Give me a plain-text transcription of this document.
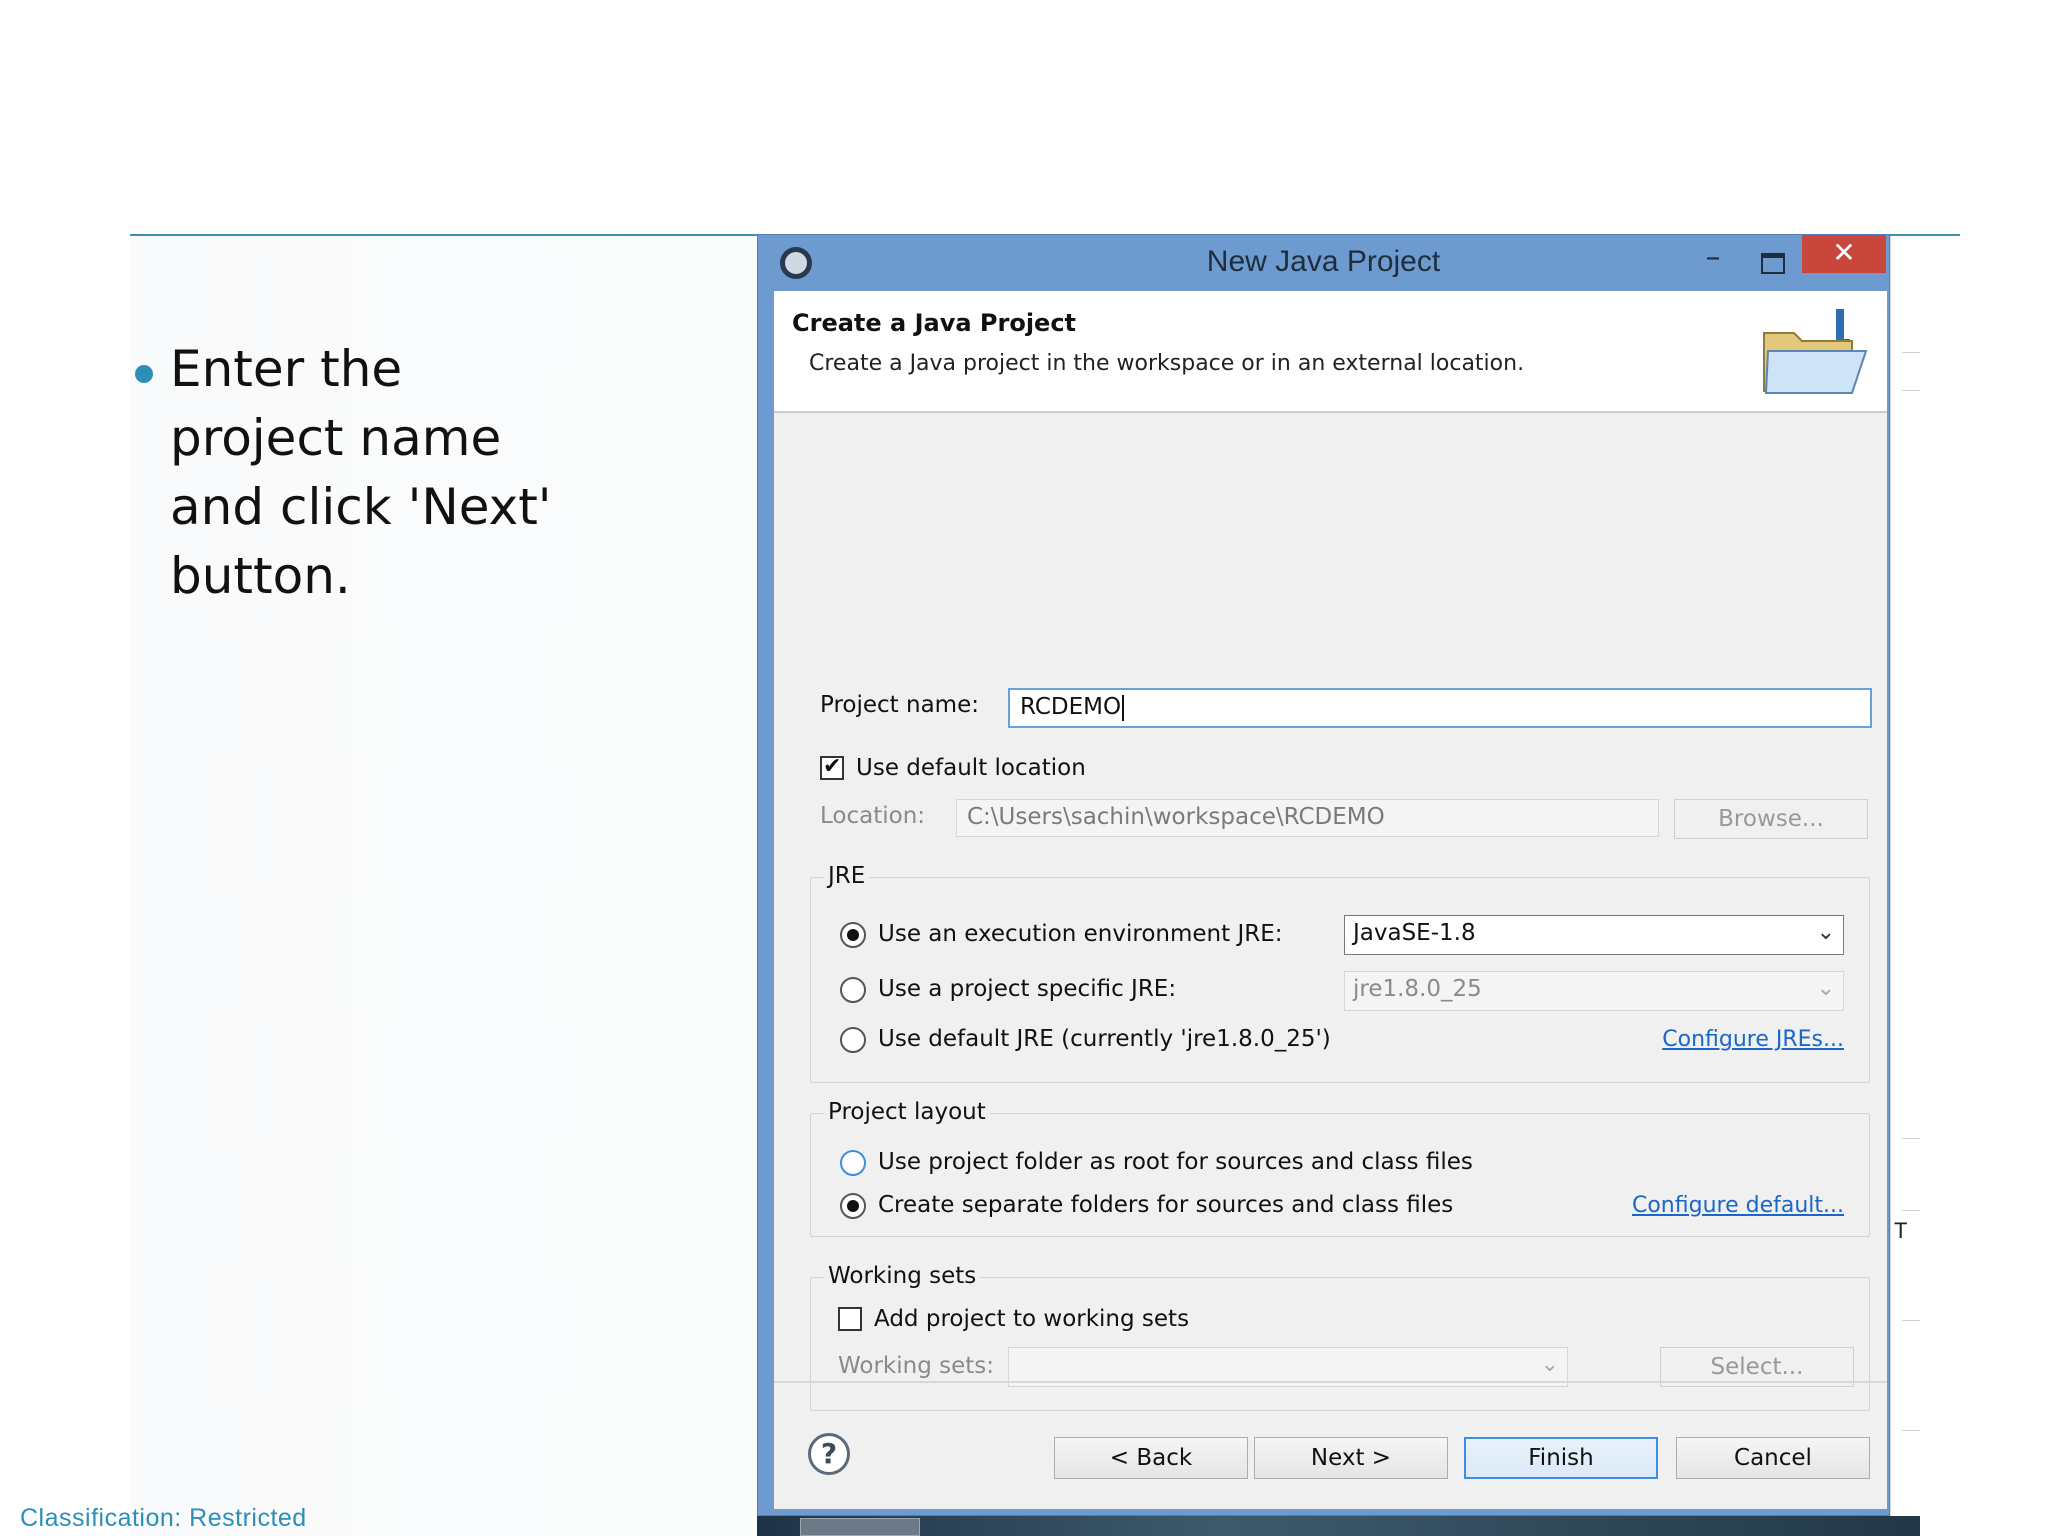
Enter the project name and click 'Next' button.
Classification: Restricted
T
New Java Project	–	✕
Create a Java Project
Create a Java project in the workspace or in an external location.
Project name:	RCDEMO
✔
Use default location
Location:	C:\Users\sachin\workspace\RCDEMO	Browse...
JRE
Use an execution environment JRE:	JavaSE-1.8	⌄
Use a project specific JRE:	jre1.8.0_25	⌄
Use default JRE (currently 'jre1.8.0_25')	Configure JREs...
Project layout
Use project folder as root for sources and class files
Create separate folders for sources and class files	Configure default...
Working sets
Add project to working sets
Working sets:	⌄	Select...
?	< Back	Next >	Finish	Cancel
